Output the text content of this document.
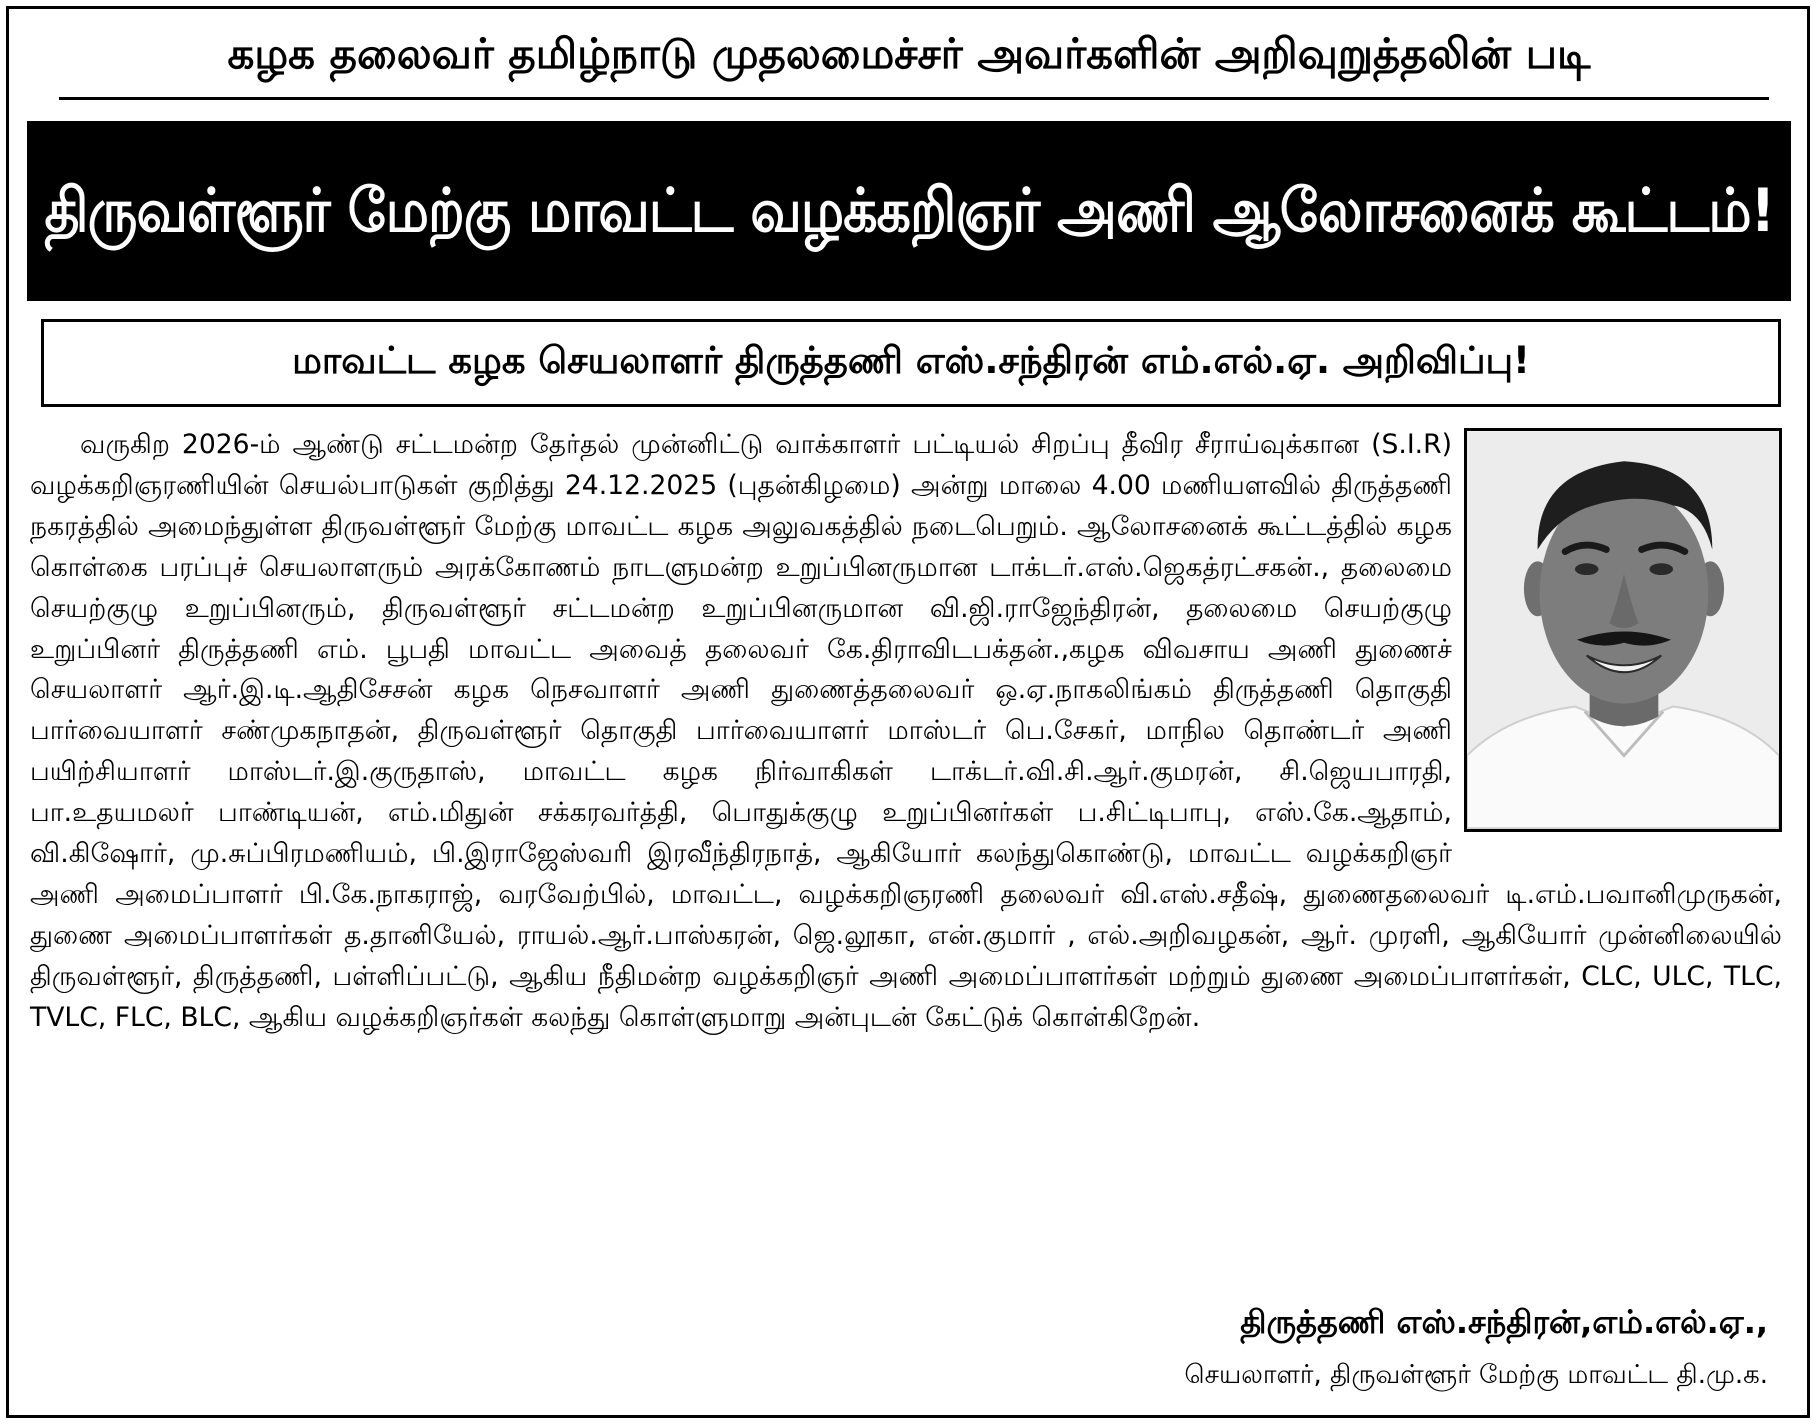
கழக தலைவர் தமிழ்நாடு முதலமைச்சர் அவர்களின் அறிவுறுத்தலின் படி
திருவள்ளூர் மேற்கு மாவட்ட வழக்கறிஞர் அணி ஆலோசனைக் கூட்டம்!
மாவட்ட கழக செயலாளர் திருத்தணி எஸ்.சந்திரன் எம்.எல்.ஏ. அறிவிப்பு!

வருகிற 2026-ம் ஆண்டு சட்டமன்ற தேர்தல் முன்னிட்டு வாக்காளர் பட்டியல் சிறப்பு தீவிர சீராய்வுக்கான (S.I.R) வழக்கறிஞரணியின் செயல்பாடுகள் குறித்து 24.12.2025 (புதன்கிழமை) அன்று மாலை 4.00 மணியளவில் திருத்தணி நகரத்தில் அமைந்துள்ள திருவள்ளூர் மேற்கு மாவட்ட கழக அலுவகத்தில் நடைபெறும். ஆலோசனைக் கூட்டத்தில் கழக கொள்கை பரப்புச் செயலாளரும் அரக்கோணம் நாடளுமன்ற உறுப்பினருமான டாக்டர்.எஸ்.ஜெகத்ரட்சகன்., தலைமை செயற்குழு உறுப்பினரும், திருவள்ளூர் சட்டமன்ற உறுப்பினருமான வி.ஜி.ராஜேந்திரன், தலைமை செயற்குழு உறுப்பினர் திருத்தணி எம். பூபதி மாவட்ட அவைத் தலைவர் கே.திராவிடபக்தன்.,கழக விவசாய அணி துணைச் செயலாளர் ஆர்.இ.டி.ஆதிசேசன் கழக நெசவாளர் அணி துணைத்தலைவர் ஒ.ஏ.நாகலிங்கம் திருத்தணி தொகுதி பார்வையாளர் சண்முகநாதன், திருவள்ளூர் தொகுதி பார்வையாளர் மாஸ்டர் பெ.சேகர், மாநில தொண்டர் அணி பயிற்சியாளர் மாஸ்டர்.இ.குருதாஸ், மாவட்ட கழக நிர்வாகிகள் டாக்டர்.வி.சி.ஆர்.குமரன், சி.ஜெயபாரதி, பா.உதயமலர் பாண்டியன், எம்.மிதுன் சக்கரவர்த்தி, பொதுக்குழு உறுப்பினர்கள் ப.சிட்டிபாபு, எஸ்.கே.ஆதாம், வி.கிஷோர், மு.சுப்பிரமணியம், பி.இராஜேஸ்வரி இரவீந்திரநாத், ஆகியோர் கலந்துகொண்டு, மாவட்ட வழக்கறிஞர் அணி அமைப்பாளர் பி.கே.நாகராஜ், வரவேற்பில், மாவட்ட, வழக்கறிஞரணி தலைவர் வி.எஸ்.சதீஷ், துணைதலைவர் டி.எம்.பவானிமுருகன், துணை அமைப்பாளர்கள் த.தானியேல், ராயல்.ஆர்.பாஸ்கரன், ஜெ.லூகா, என்.குமார் , எல்.அறிவழகன், ஆர். முரளி, ஆகியோர் முன்னிலையில் திருவள்ளூர், திருத்தணி, பள்ளிப்பட்டு, ஆகிய நீதிமன்ற வழக்கறிஞர் அணி அமைப்பாளர்கள் மற்றும் துணை அமைப்பாளர்கள், CLC, ULC, TLC, TVLC, FLC, BLC, ஆகிய வழக்கறிஞர்கள் கலந்து கொள்ளுமாறு அன்புடன் கேட்டுக் கொள்கிறேன்.

திருத்தணி எஸ்.சந்திரன்,எம்.எல்.ஏ.,
செயலாளர், திருவள்ளூர் மேற்கு மாவட்ட தி.மு.க.
